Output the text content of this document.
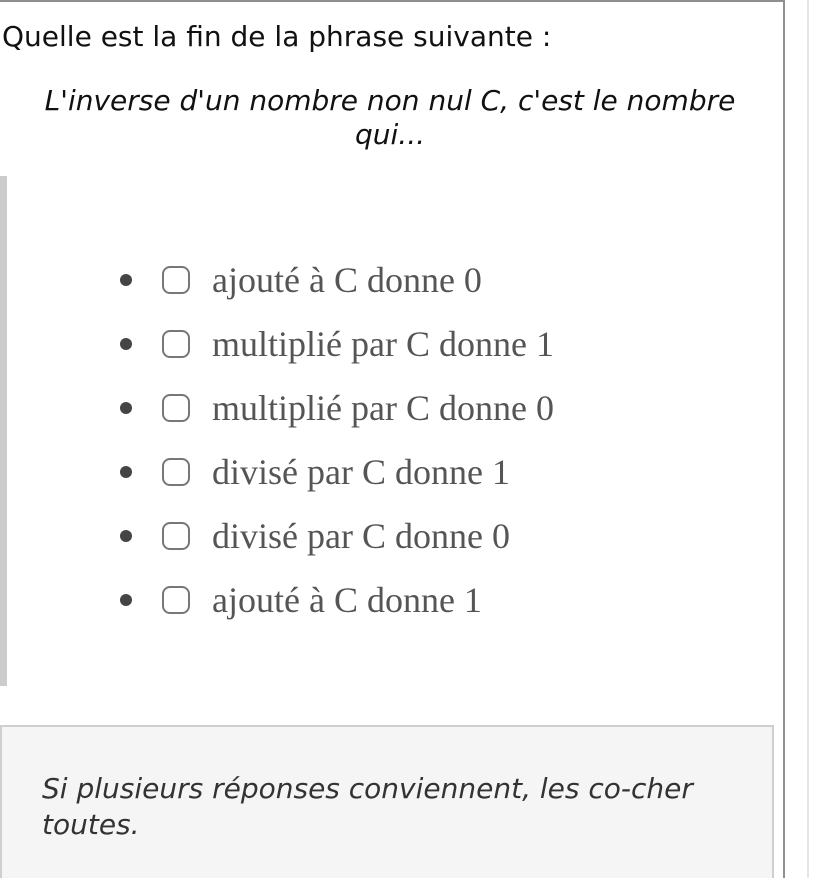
Quelle est la fin de la phrase suivante :
L'inverse d'un nombre non nul C, c'est le nombre qui...
ajouté à C donne 0
multiplié par C donne 1
multiplié par C donne 0
divisé par C donne 1
divisé par C donne 0
ajouté à C donne 1
Si plusieurs réponses conviennent, les co-cher toutes.
